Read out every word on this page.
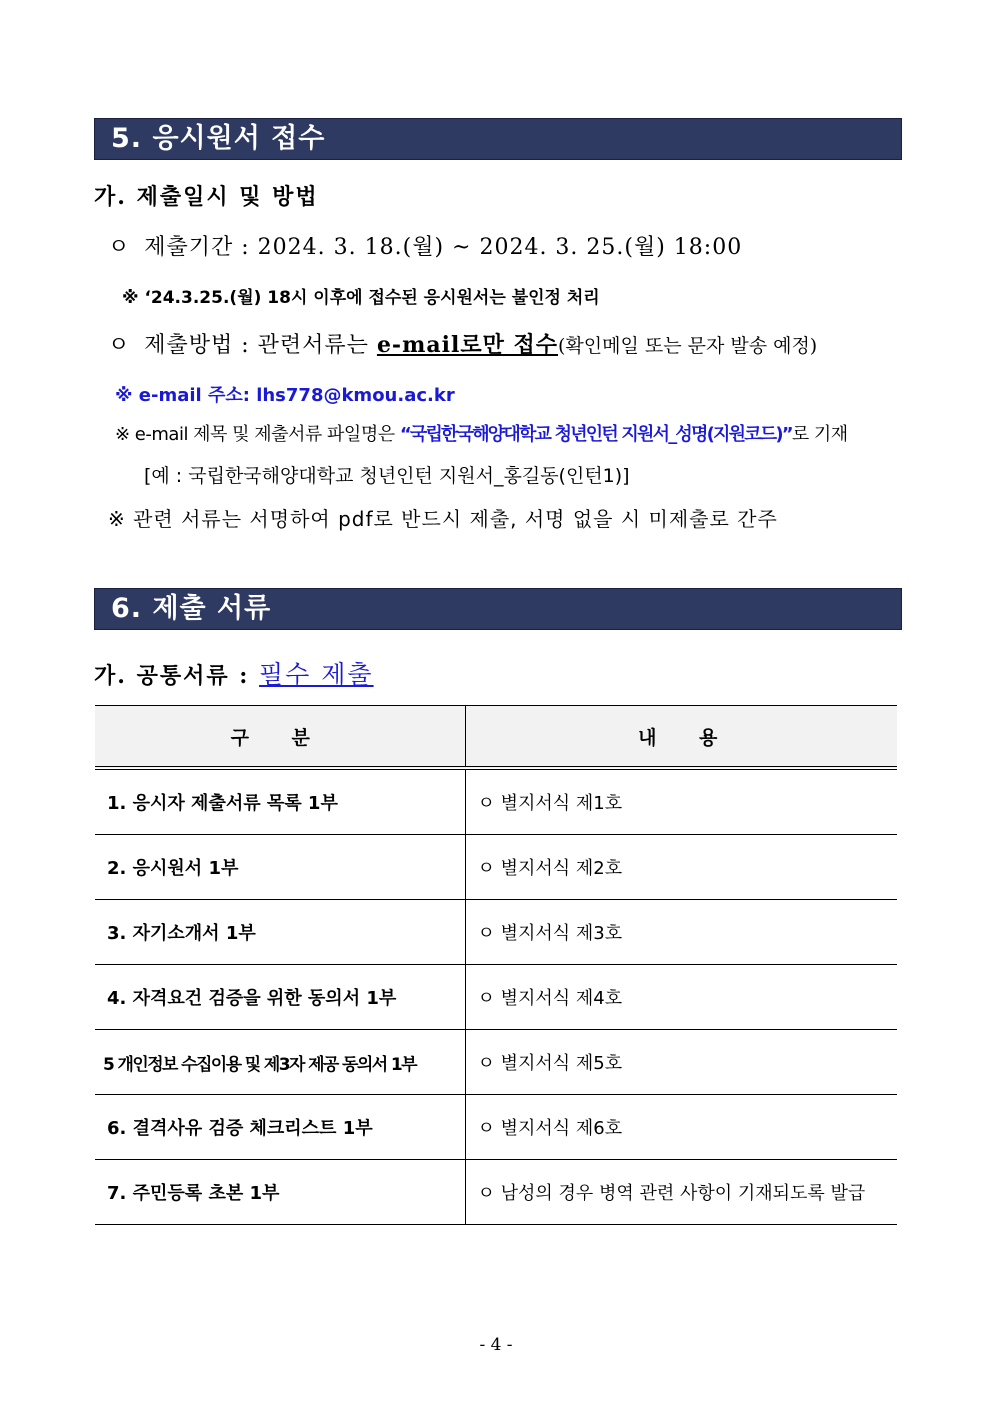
5. 응시원서 접수
가. 제출일시 및 방법
ㅇ 제출기간 : 2024. 3. 18.(월) ~ 2024. 3. 25.(월) 18:00
※ ‘24.3.25.(월) 18시 이후에 접수된 응시원서는 불인정 처리
ㅇ 제출방법 : 관련서류는 e-mail로만 접수(확인메일 또는 문자 발송 예정)
※ e-mail 주소: lhs778@kmou.ac.kr
※ e-mail 제목 및 제출서류 파일명은 “국립한국해양대학교 청년인턴 지원서_성명(지원코드)”로 기재
[예 : 국립한국해양대학교 청년인턴 지원서_홍길동(인턴1)]
※ 관련 서류는 서명하여 pdf로 반드시 제출, 서명 없을 시 미제출로 간주
6. 제출 서류
가. 공통서류 : 필수 제출
구 분	내 용
1. 응시자 제출서류 목록 1부	ㅇ 별지서식 제1호
2. 응시원서 1부	ㅇ 별지서식 제2호
3. 자기소개서 1부	ㅇ 별지서식 제3호
4. 자격요건 검증을 위한 동의서 1부	ㅇ 별지서식 제4호
5 개인정보 수집이용 및 제3자 제공 동의서 1부	ㅇ 별지서식 제5호
6. 결격사유 검증 체크리스트 1부	ㅇ 별지서식 제6호
7. 주민등록 초본 1부	ㅇ 남성의 경우 병역 관련 사항이 기재되도록 발급
- 4 -
